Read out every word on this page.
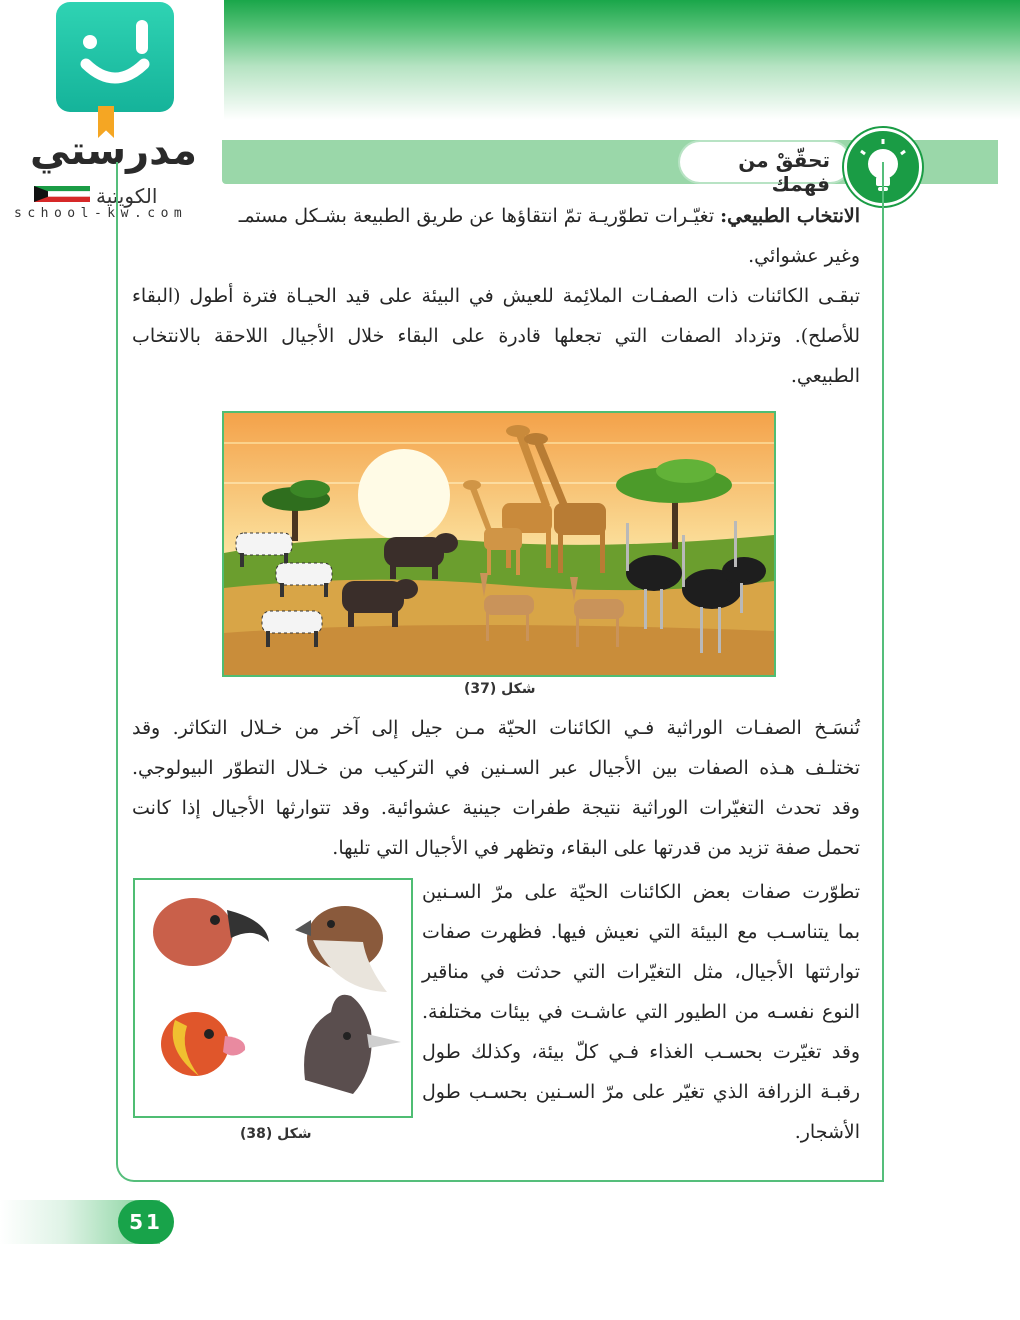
مدرستي
الكويتية
school-kw.com
تحقّقْ من فهمك
الانتخاب الطبيعي: تغيّـرات تطوّريـة تمّ انتقاؤها عن طريق الطبيعة بشـكل مستمـ
وغير عشوائي.
تبقـى الكائنات ذات الصفـات الملائِمة للعيش في البيئة على قيد الحيـاة فترة أطول (البقاء
للأصلح). وتزداد الصفات التي تجعلها قادرة على البقاء خلال الأجيال اللاحقة بالانتخاب
الطبيعي.
شكل (37)
تُنسَـخ الصفـات الوراثية فـي الكائنات الحيّة مـن جيل إلى آخر من خـلال التكاثر. وقد
تختلـف هـذه الصفات بين الأجيال عبر السـنين في التركيب من خـلال التطوّر البيولوجي.
وقد تحدث التغيّرات الوراثية نتيجة طفرات جينية عشوائية. وقد تتوارثها الأجيال إذا كانت
تحمل صفة تزيد من قدرتها على البقاء، وتظهر في الأجيال التي تليها.
شكل (38)
تطوّرت صفات بعض الكائنات الحيّة على مرّ السـنين
بما يتناسـب مع البيئة التي نعيش فيها. فظهرت صفات
توارثتها الأجيال، مثل التغيّرات التي حدثت في مناقير
النوع نفسـه من الطيور التي عاشـت في بيئات مختلفة.
وقد تغيّرت بحسـب الغذاء فـي كلّ بيئة، وكذلك طول
رقبـة الزرافة الذي تغيّر على مرّ السـنين بحسـب طول
الأشجار.
51
